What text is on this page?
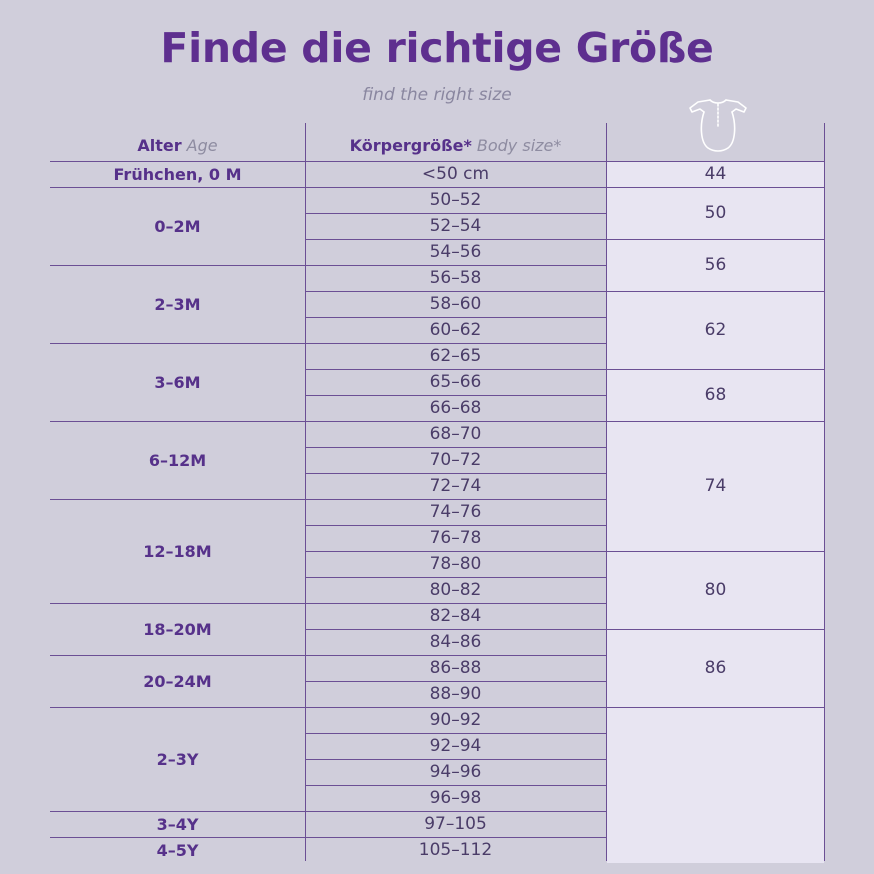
Finde die richtige Größe
find the right size
Alter Age	Körpergröße* Body size*
<50 cm
50–52
52–54
54–56
56–58
58–60
60–62
62–65
65–66
66–68
68–70
70–72
72–74
74–76
76–78
78–80
80–82
82–84
84–86
86–88
88–90
90–92
92–94
94–96
96–98
97–105
105–112
Frühchen, 0 M
0–2M
2–3M
3–6M
6–12M
12–18M
18–20M
20–24M
2–3Y
3–4Y
4–5Y
44
50
56
62
68
74
80
86
